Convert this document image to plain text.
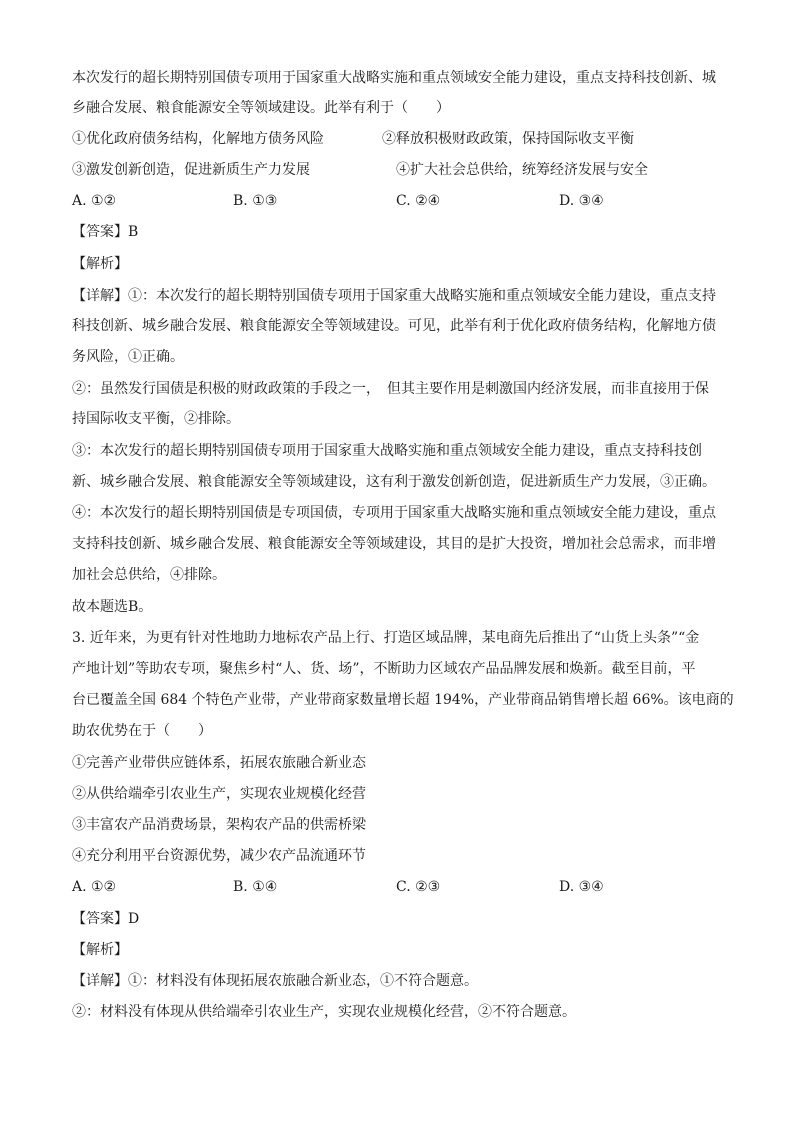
本次发行的超长期特别国债专项用于国家重大战略实施和重点领域安全能力建设，重点支持科技创新、城
乡融合发展、粮食能源安全等领域建设。此举有利于（　　）
①优化政府债务结构，化解地方债务风险	②释放积极财政政策，保持国际收支平衡
③激发创新创造，促进新质生产力发展	④扩大社会总供给，统筹经济发展与安全
A. ①②	B. ①③	C. ②④	D. ③④
【答案】B
【解析】
【详解】①：本次发行的超长期特别国债专项用于国家重大战略实施和重点领域安全能力建设，重点支持
科技创新、城乡融合发展、粮食能源安全等领域建设。可见，此举有利于优化政府债务结构，化解地方债
务风险，①正确。
②：虽然发行国债是积极的财政政策的手段之一，　但其主要作用是刺激国内经济发展，而非直接用于保
持国际收支平衡，②排除。
③：本次发行的超长期特别国债专项用于国家重大战略实施和重点领域安全能力建设，重点支持科技创
新、城乡融合发展、粮食能源安全等领域建设，这有利于激发创新创造，促进新质生产力发展，③正确。
④：本次发行的超长期特别国债是专项国债，专项用于国家重大战略实施和重点领域安全能力建设，重点
支持科技创新、城乡融合发展、粮食能源安全等领域建设，其目的是扩大投资，增加社会总需求，而非增
加社会总供给，④排除。
故本题选B。
3. 近年来，为更有针对性地助力地标农产品上行、打造区域品牌，某电商先后推出了“山货上头条”“金
产地计划”等助农专项，聚焦乡村“人、货、场”，不断助力区域农产品品牌发展和焕新。截至目前，平
台已覆盖全国 684 个特色产业带，产业带商家数量增长超 194%，产业带商品销售增长超 66%。该电商的
助农优势在于（　　）
①完善产业带供应链体系，拓展农旅融合新业态
②从供给端牵引农业生产，实现农业规模化经营
③丰富农产品消费场景，架构农产品的供需桥梁
④充分利用平台资源优势，减少农产品流通环节
A. ①②	B. ①④	C. ②③	D. ③④
【答案】D
【解析】
【详解】①：材料没有体现拓展农旅融合新业态，①不符合题意。
②：材料没有体现从供给端牵引农业生产，实现农业规模化经营，②不符合题意。
